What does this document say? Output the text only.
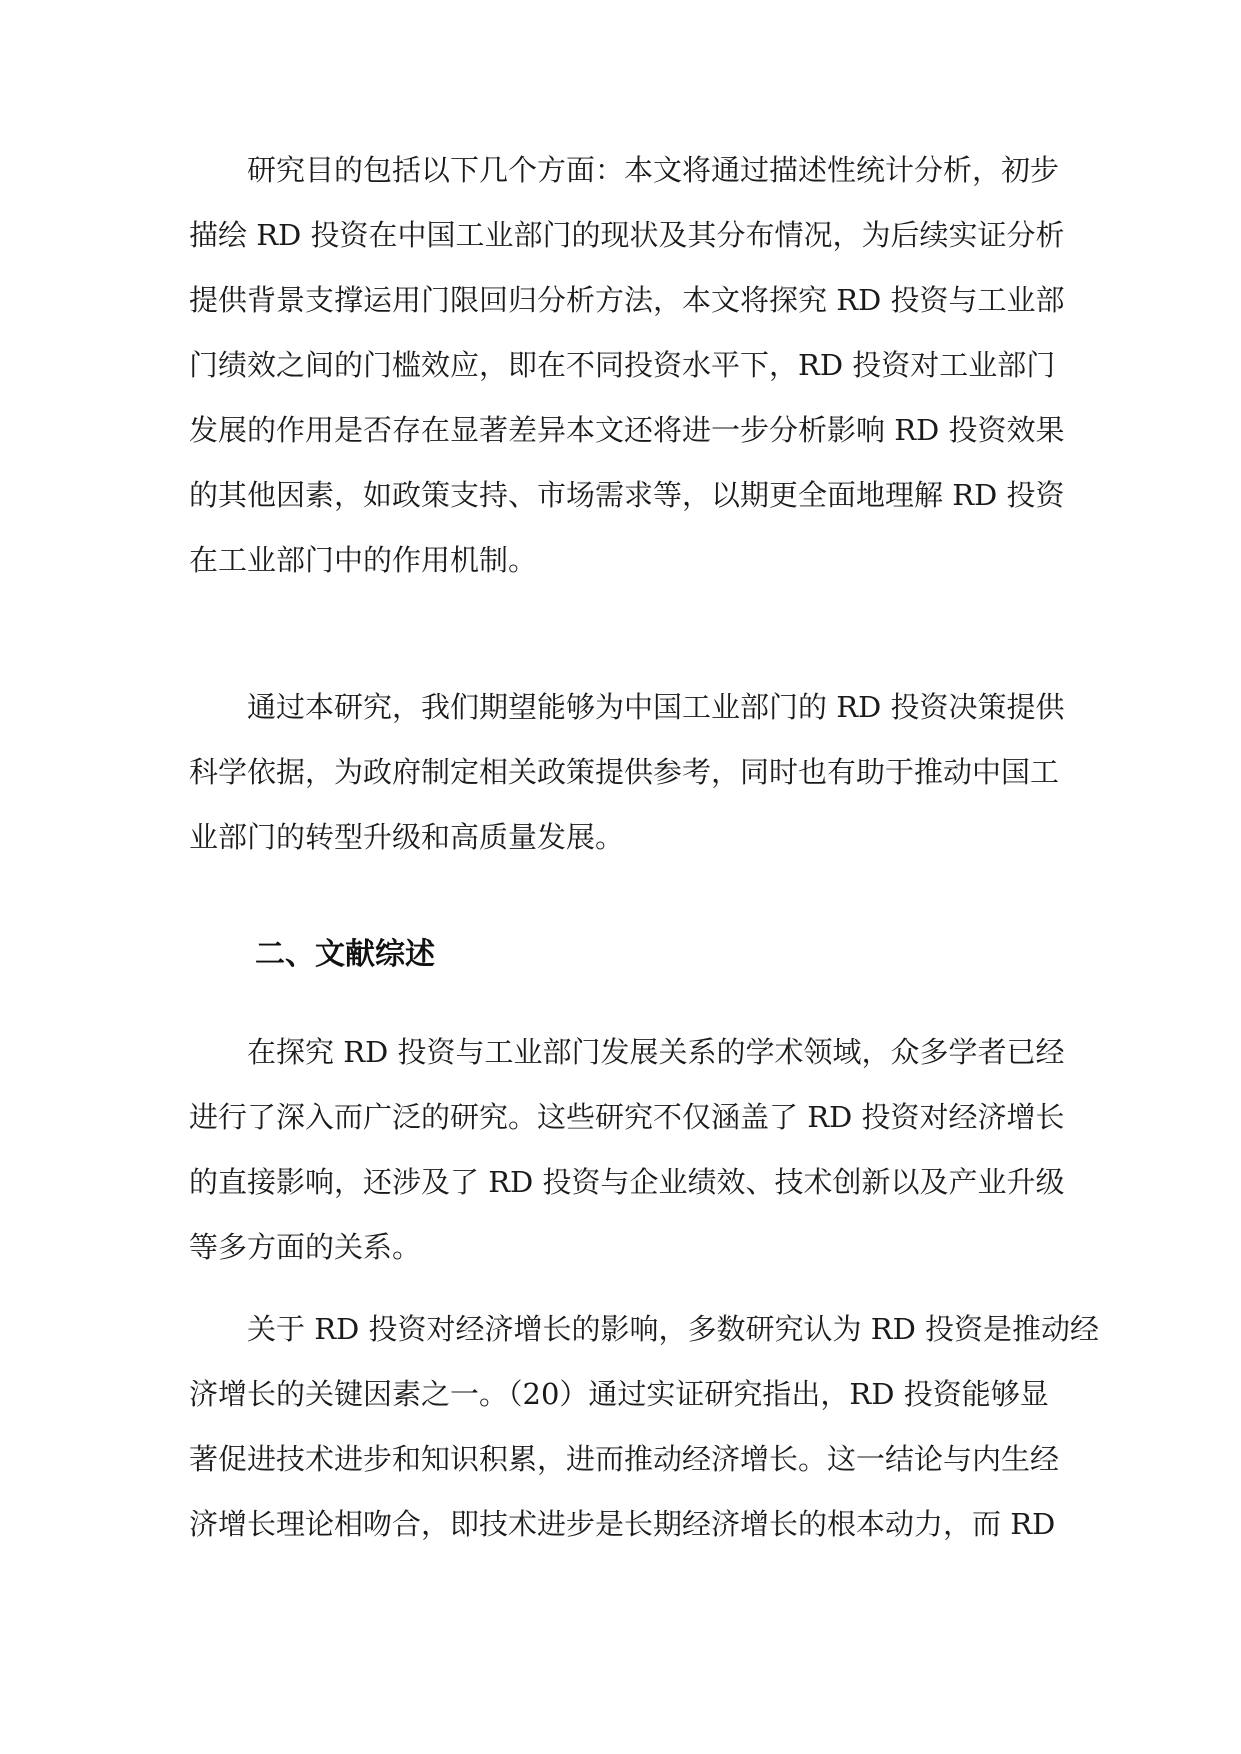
研究目的包括以下几个方面：本文将通过描述性统计分析，初步
描绘 RD 投资在中国工业部门的现状及其分布情况，为后续实证分析
提供背景支撑运用门限回归分析方法，本文将探究 RD 投资与工业部
门绩效之间的门槛效应，即在不同投资水平下，RD 投资对工业部门
发展的作用是否存在显著差异本文还将进一步分析影响 RD 投资效果
的其他因素，如政策支持、市场需求等，以期更全面地理解 RD 投资
在工业部门中的作用机制。

通过本研究，我们期望能够为中国工业部门的 RD 投资决策提供
科学依据，为政府制定相关政策提供参考，同时也有助于推动中国工
业部门的转型升级和高质量发展。

二、文献综述

在探究 RD 投资与工业部门发展关系的学术领域，众多学者已经
进行了深入而广泛的研究。这些研究不仅涵盖了 RD 投资对经济增长
的直接影响，还涉及了 RD 投资与企业绩效、技术创新以及产业升级
等多方面的关系。

关于 RD 投资对经济增长的影响，多数研究认为 RD 投资是推动经
济增长的关键因素之一。（20）通过实证研究指出，RD 投资能够显
著促进技术进步和知识积累，进而推动经济增长。这一结论与内生经
济增长理论相吻合，即技术进步是长期经济增长的根本动力，而 RD
